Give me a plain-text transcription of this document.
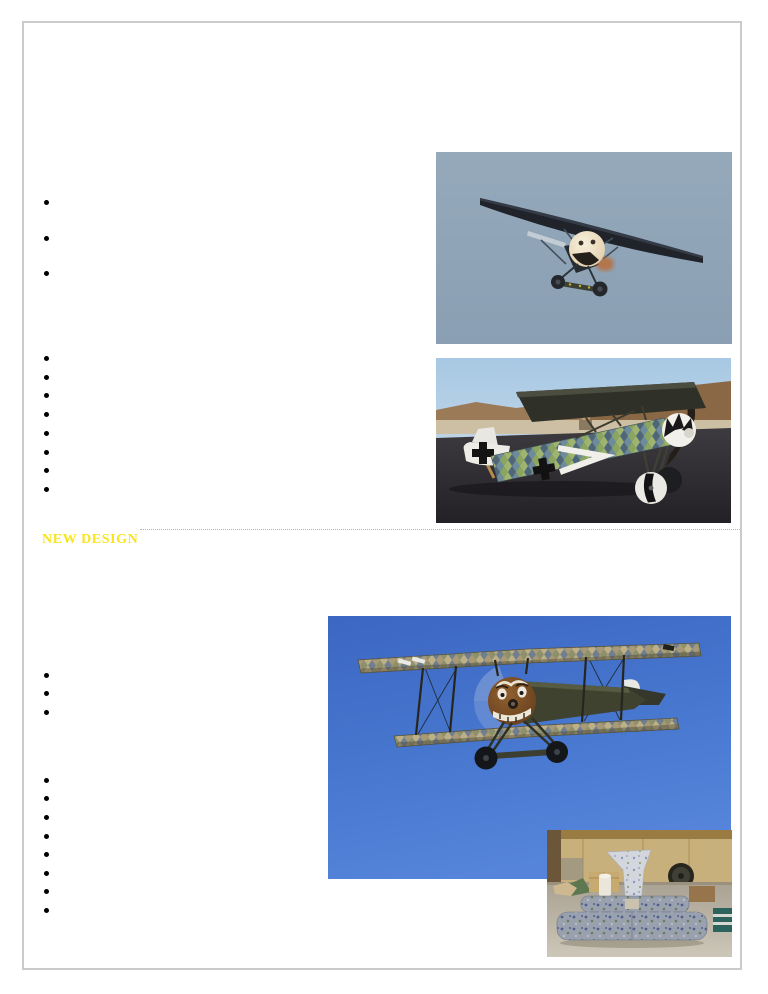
NEW DESIGN
